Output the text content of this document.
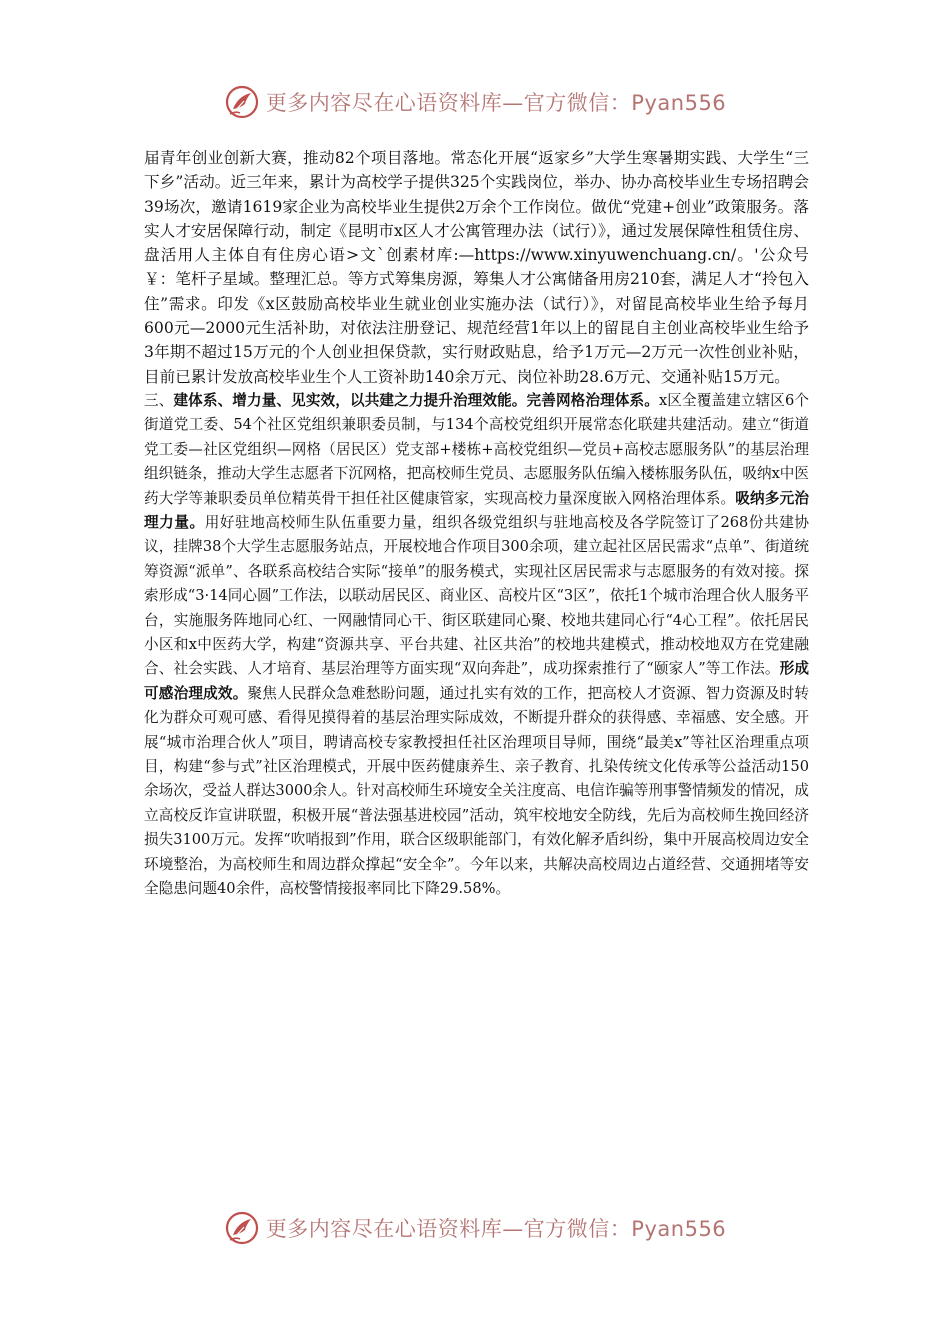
更多内容尽在心语资料库—官方微信：Pyan556

届青年创业创新大赛，推动82个项目落地。常态化开展“返家乡”大学生寒暑期实践、大学生“三下乡”活动。近三年来，累计为高校学子提供325个实践岗位，举办、协办高校毕业生专场招聘会39场次，邀请1619家企业为高校毕业生提供2万余个工作岗位。做优“党建+创业”政策服务。落实人才安居保障行动，制定《昆明市x区人才公寓管理办法（试行）》，通过发展保障性租赁住房、盘活用人主体自有住房心语>文`创素材库:—https://www.xinyuwenchuang.cn/。'公众号￥：笔杆子星域。整理汇总。等方式筹集房源，筹集人才公寓储备用房210套，满足人才“拎包入住”需求。印发《x区鼓励高校毕业生就业创业实施办法（试行）》，对留昆高校毕业生给予每月600元—2000元生活补助，对依法注册登记、规范经营1年以上的留昆自主创业高校毕业生给予3年期不超过15万元的个人创业担保贷款，实行财政贴息，给予1万元—2万元一次性创业补贴，目前已累计发放高校毕业生个人工资补助140余万元、岗位补助28.6万元、交通补贴15万元。

三、建体系、增力量、见实效，以共建之力提升治理效能。完善网格治理体系。x区全覆盖建立辖区6个街道党工委、54个社区党组织兼职委员制，与134个高校党组织开展常态化联建共建活动。建立“街道党工委—社区党组织—网格（居民区）党支部+楼栋+高校党组织—党员+高校志愿服务队”的基层治理组织链条，推动大学生志愿者下沉网格，把高校师生党员、志愿服务队伍编入楼栋服务队伍，吸纳x中医药大学等兼职委员单位精英骨干担任社区健康管家，实现高校力量深度嵌入网格治理体系。吸纳多元治理力量。用好驻地高校师生队伍重要力量，组织各级党组织与驻地高校及各学院签订了268份共建协议，挂牌38个大学生志愿服务站点，开展校地合作项目300余项，建立起社区居民需求“点单”、街道统筹资源“派单”、各联系高校结合实际“接单”的服务模式，实现社区居民需求与志愿服务的有效对接。探索形成“3·14同心圆”工作法，以联动居民区、商业区、高校片区“3区”，依托1个城市治理合伙人服务平台，实施服务阵地同心红、一网融情同心干、街区联建同心聚、校地共建同心行“4心工程”。依托居民小区和x中医药大学，构建“资源共享、平台共建、社区共治”的校地共建模式，推动校地双方在党建融合、社会实践、人才培育、基层治理等方面实现“双向奔赴”，成功探索推行了“颐家人”等工作法。形成可感治理成效。聚焦人民群众急难愁盼问题，通过扎实有效的工作，把高校人才资源、智力资源及时转化为群众可观可感、看得见摸得着的基层治理实际成效，不断提升群众的获得感、幸福感、安全感。开展“城市治理合伙人”项目，聘请高校专家教授担任社区治理项目导师，围绕“最美x”等社区治理重点项目，构建“参与式”社区治理模式，开展中医药健康养生、亲子教育、扎染传统文化传承等公益活动150余场次，受益人群达3000余人。针对高校师生环境安全关注度高、电信诈骗等刑事警情频发的情况，成立高校反诈宣讲联盟，积极开展“普法强基进校园”活动，筑牢校地安全防线，先后为高校师生挽回经济损失3100万元。发挥“吹哨报到”作用，联合区级职能部门，有效化解矛盾纠纷，集中开展高校周边安全环境整治，为高校师生和周边群众撑起“安全伞”。今年以来，共解决高校周边占道经营、交通拥堵等安全隐患问题40余件，高校警情接报率同比下降29.58%。

更多内容尽在心语资料库—官方微信：Pyan556
